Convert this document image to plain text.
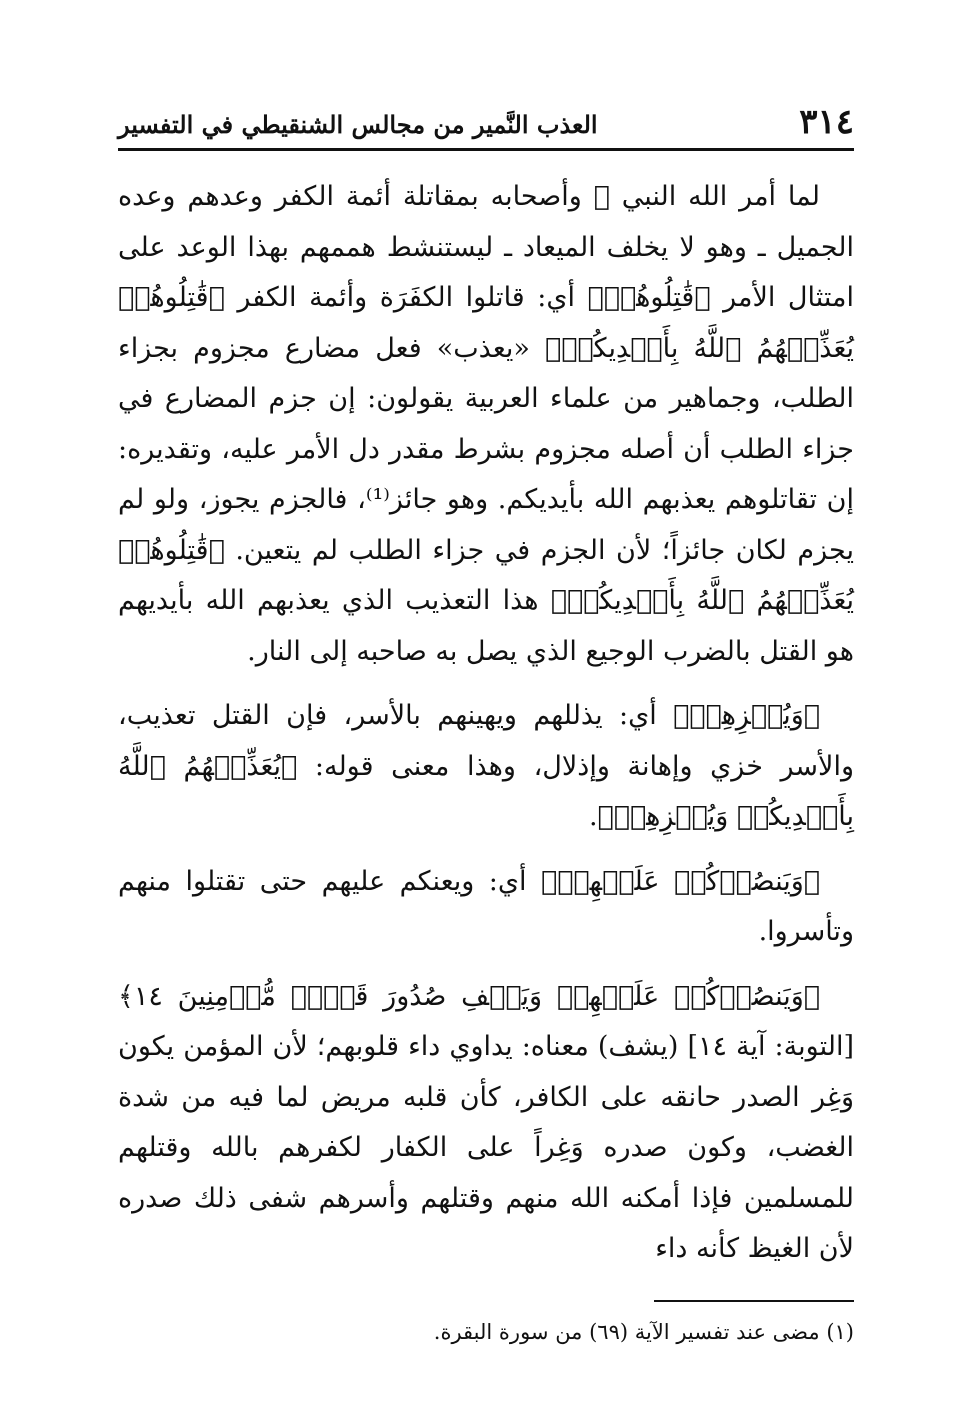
٣١٤
العذب النَّمير من مجالس الشنقيطي في التفسير

لما أمر الله النبي ﷺ وأصحابه بمقاتلة أئمة الكفر وعدهم وعده الجميل ـ وهو لا يخلف الميعاد ـ ليستنشط هممهم بهذا الوعد على امتثال الأمر ﴿قَٰتِلُوهُمۡ﴾ أي: قاتلوا الكفَرَة وأئمة الكفر ﴿قَٰتِلُوهُمۡ يُعَذِّبۡهُمُ ٱللَّهُ بِأَيۡدِيكُمۡ﴾ «يعذب» فعل مضارع مجزوم بجزاء الطلب، وجماهير من علماء العربية يقولون: إن جزم المضارع في جزاء الطلب أن أصله مجزوم بشرط مقدر دل الأمر عليه، وتقديره: إن تقاتلوهم يعذبهم الله بأيديكم. وهو جائز⁽¹⁾، فالجزم يجوز، ولو لم يجزم لكان جائزاً؛ لأن الجزم في جزاء الطلب لم يتعين. ﴿قَٰتِلُوهُمۡ يُعَذِّبۡهُمُ ٱللَّهُ بِأَيۡدِيكُمۡ﴾ هذا التعذيب الذي يعذبهم الله بأيديهم هو القتل بالضرب الوجيع الذي يصل به صاحبه إلى النار.

﴿وَيُخۡزِهِمۡ﴾ أي: يذللهم ويهينهم بالأسر، فإن القتل تعذيب، والأسر خزي وإهانة وإذلال، وهذا معنى قوله: ﴿يُعَذِّبۡهُمُ ٱللَّهُ بِأَيۡدِيكُمۡ وَيُخۡزِهِمۡ﴾.

﴿وَيَنصُرۡكُمۡ عَلَيۡهِمۡ﴾ أي: ويعنكم عليهم حتى تقتلوا منهم وتأسروا.

﴿وَيَنصُرۡكُمۡ عَلَيۡهِمۡ وَيَشۡفِ صُدُورَ قَوۡمٖ مُّؤۡمِنِينَ ١٤﴾ [التوبة: آية ١٤] (يشف) معناه: يداوي داء قلوبهم؛ لأن المؤمن يكون وَغِر الصدر حانقه على الكافر، كأن قلبه مريض لما فيه من شدة الغضب، وكون صدره وَغِراً على الكفار لكفرهم بالله وقتلهم للمسلمين فإذا أمكنه الله منهم وقتلهم وأسرهم شفى ذلك صدره لأن الغيظ كأنه داء

(١) مضى عند تفسير الآية (٦٩) من سورة البقرة.
